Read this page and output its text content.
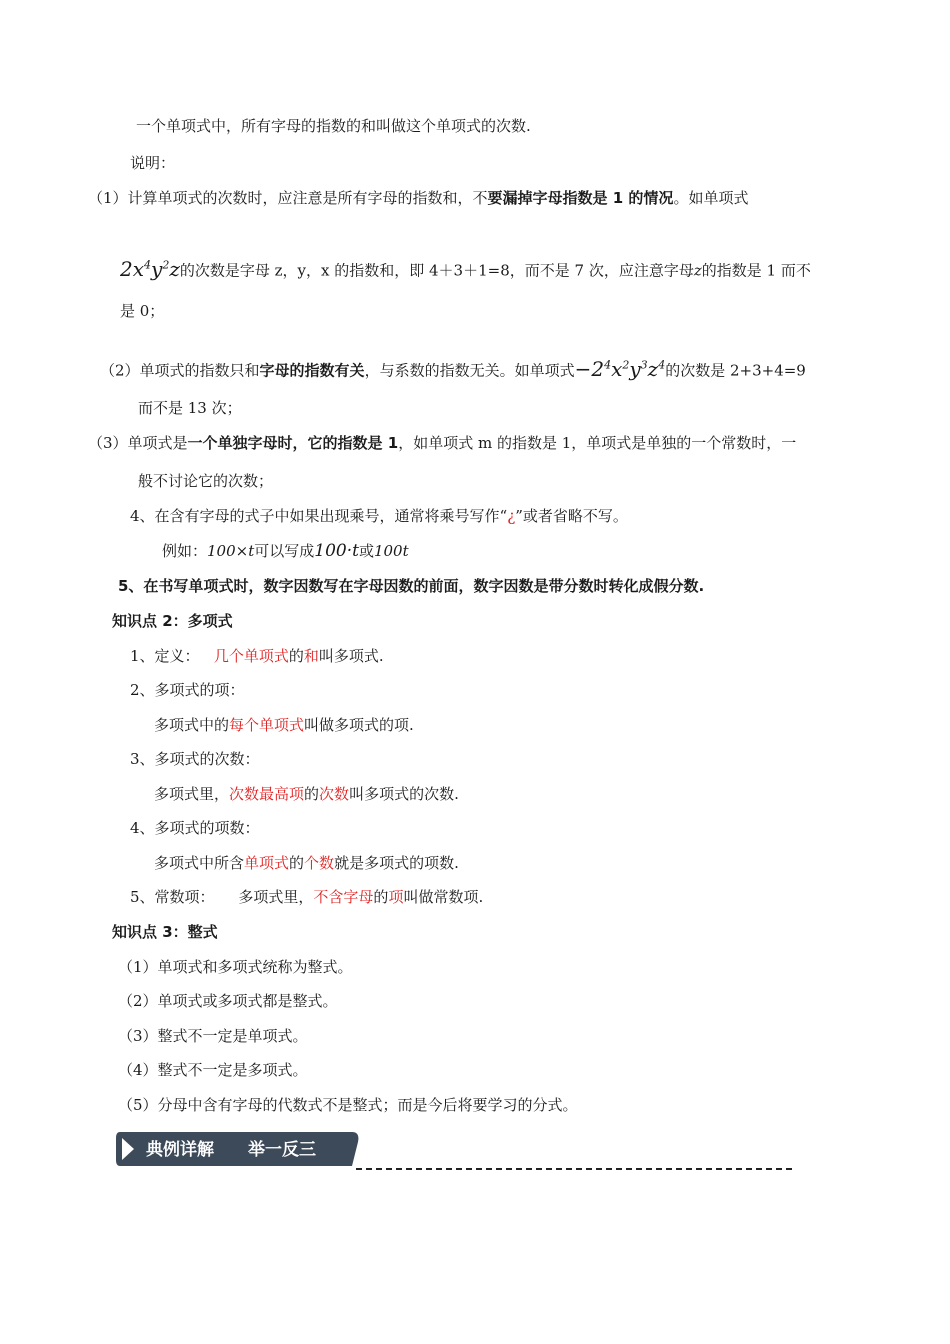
一个单项式中，所有字母的指数的和叫做这个单项式的次数.
说明：
（1）计算单项式的次数时，应注意是所有字母的指数和，不要漏掉字母指数是 1 的情况。如单项式
$2x^4y^2z$的次数是字母 z，y，x 的指数和，即 4＋3＋1=8，而不是 7 次，应注意字母z的指数是 1 而不
是 0；
（2）单项式的指数只和字母的指数有关，与系数的指数无关。如单项式$-2^4x^2y^3z^4$的次数是 2+3+4=9
而不是 13 次；
（3）单项式是一个单独字母时，它的指数是 1，如单项式 m 的指数是 1，单项式是单独的一个常数时，一
般不讨论它的次数；
4、在含有字母的式子中如果出现乘号，通常将乘号写作“¿”或者省略不写。
例如：100×t可以写成100·t或100t
5、在书写单项式时，数字因数写在字母因数的前面，数字因数是带分数时转化成假分数.
知识点 2：多项式
1、定义： 几个单项式的和叫多项式.
2、多项式的项：
多项式中的每个单项式叫做多项式的项.
3、多项式的次数：
多项式里，次数最高项的次数叫多项式的次数.
4、多项式的项数：
多项式中所含单项式的个数就是多项式的项数.
5、常数项： 多项式里，不含字母的项叫做常数项.
知识点 3：整式
（1）单项式和多项式统称为整式。
（2）单项式或多项式都是整式。
（3）整式不一定是单项式。
（4）整式不一定是多项式。
（5）分母中含有字母的代数式不是整式；而是今后将要学习的分式。
典例详解 举一反三
